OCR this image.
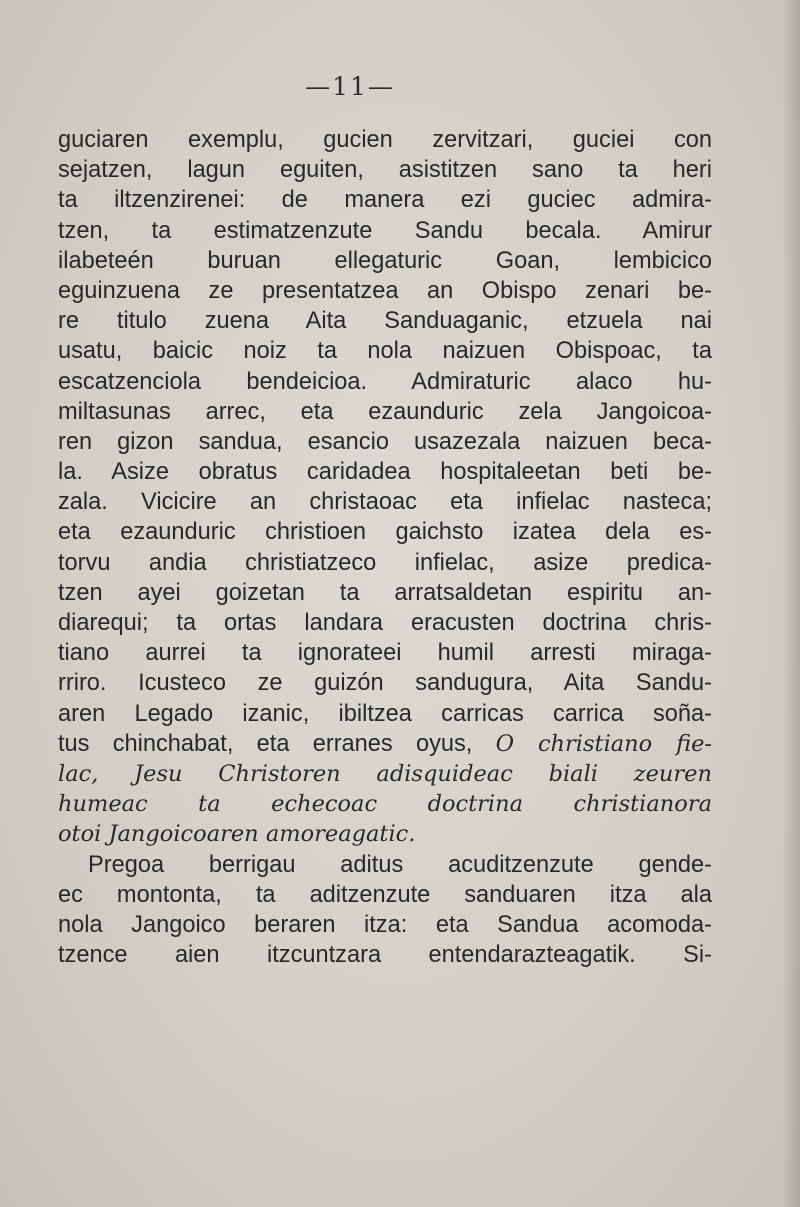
—11—
guciaren exemplu, gucien zervitzari, guciei con
sejatzen, lagun eguiten, asistitzen sano ta heri
ta iltzenzirenei: de manera ezi guciec admira-
tzen, ta estimatzenzute Sandu becala. Amirur
ilabeteén buruan ellegaturic Goan, lembicico
eguinzuena ze presentatzea an Obispo zenari be-
re titulo zuena Aita Sanduaganic, etzuela nai
usatu, baicic noiz ta nola naizuen Obispoac, ta
escatzenciola bendeicioa. Admiraturic alaco hu-
miltasunas arrec, eta ezaunduric zela Jangoicoa-
ren gizon sandua, esancio usazezala naizuen beca-
la. Asize obratus caridadea hospitaleetan beti be-
zala. Vicicire an christaoac eta infielac nasteca;
eta ezaunduric christioen gaichsto izatea dela es-
torvu andia christiatzeco infielac, asize predica-
tzen ayei goizetan ta arratsaldetan espiritu an-
diarequi; ta ortas landara eracusten doctrina chris-
tiano aurrei ta ignorateei humil arresti miraga-
rriro. Icusteco ze guizón sandugura, Aita Sandu-
aren Legado izanic, ibiltzea carricas carrica soña-
tus chinchabat, eta erranes oyus, O christiano fie-
lac, Jesu Christoren adisquideac biali zeuren
humeac ta echecoac doctrina christianora
otoi Jangoicoaren amoreagatic.
Pregoa berrigau aditus acuditzenzute gende-
ec montonta, ta aditzenzute sanduaren itza ala
nola Jangoico beraren itza: eta Sandua acomoda-
tzence aien itzcuntzara entendarazteagatik. Si-
